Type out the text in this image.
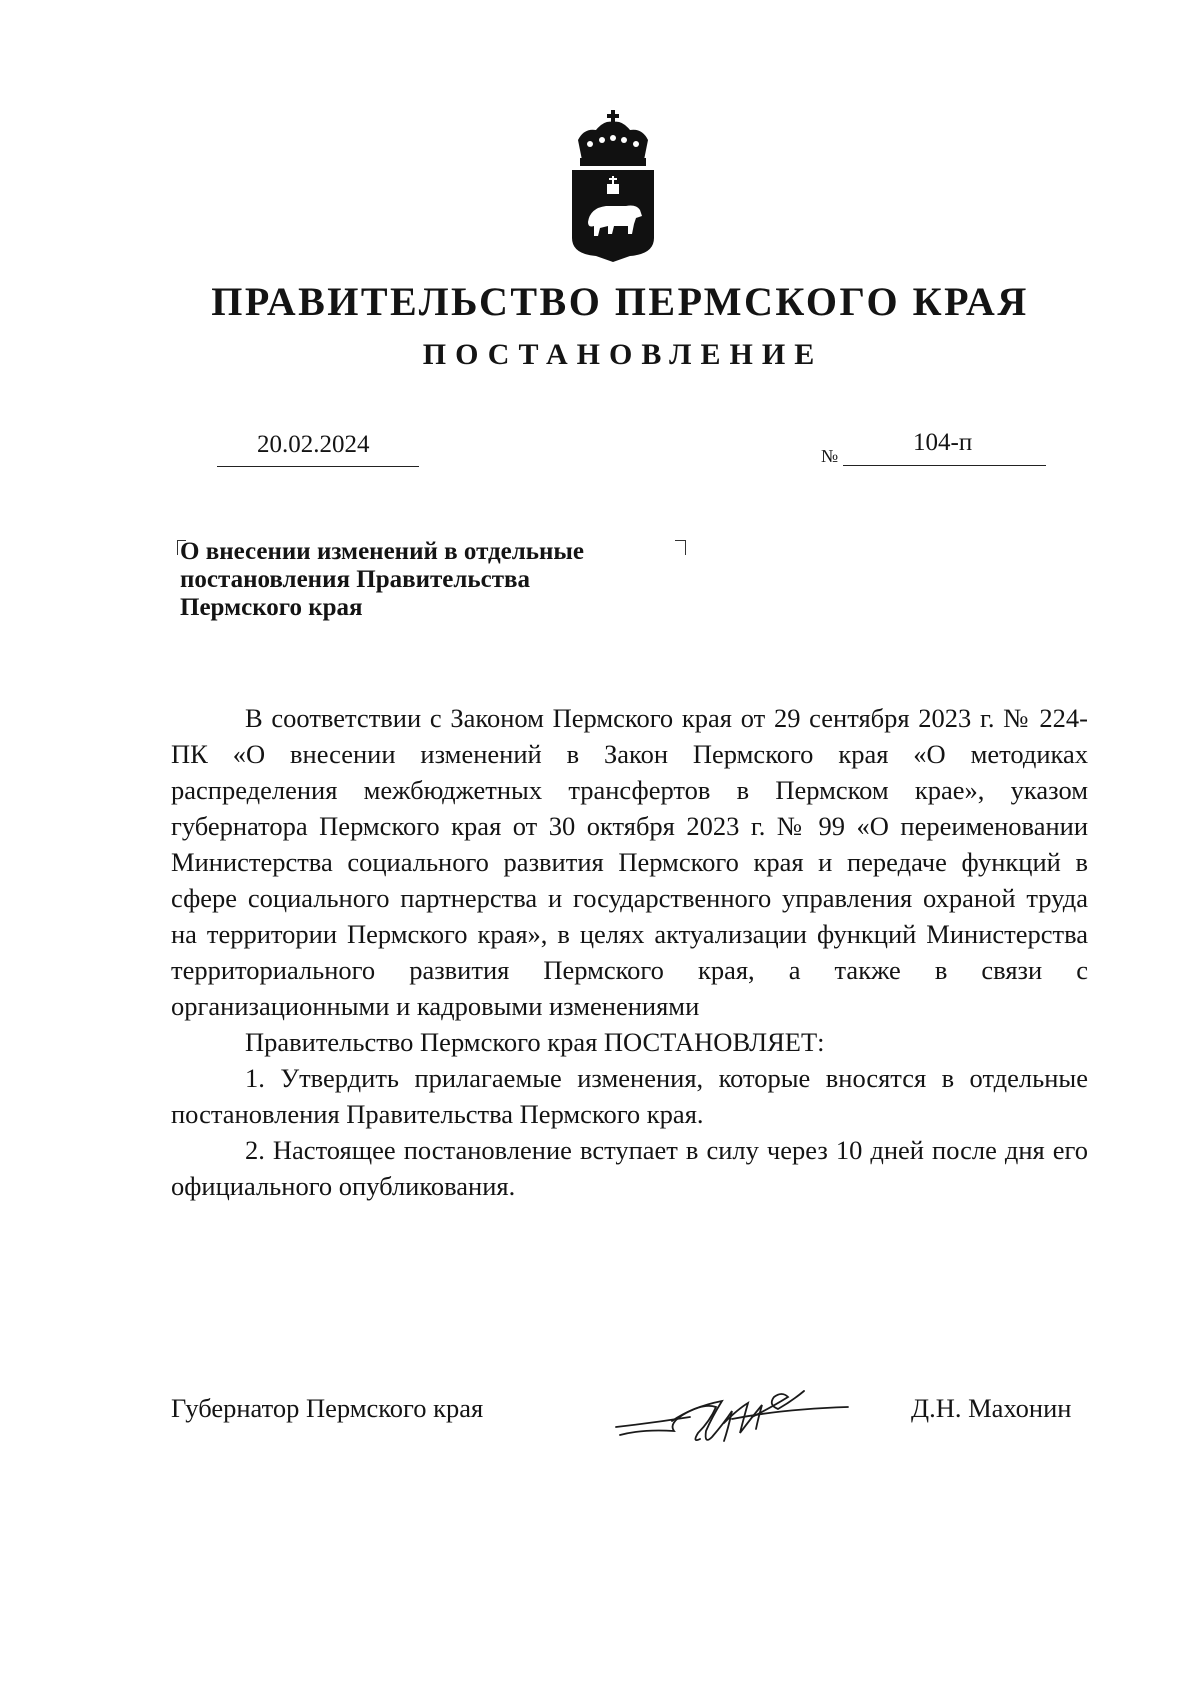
ПРАВИТЕЛЬСТВО ПЕРМСКОГО КРАЯ
ПОСТАНОВЛЕНИЕ
20.02.2024	№	104-п
О внесении изменений в отдельные
постановления Правительства
Пермского края

В соответствии с Законом Пермского края от 29 сентября 2023 г. № 224-ПК «О внесении изменений в Закон Пермского края «О методиках распределения межбюджетных трансфертов в Пермском крае», указом губернатора Пермского края от 30 октября 2023 г. № 99 «О переименовании Министерства социального развития Пермского края и передаче функций в сфере социального партнерства и государственного управления охраной труда на территории Пермского края», в целях актуализации функций Министерства территориального развития Пермского края, а также в связи с организационными и кадровыми изменениями

Правительство Пермского края ПОСТАНОВЛЯЕТ:

1. Утвердить прилагаемые изменения, которые вносятся в отдельные постановления Правительства Пермского края.

2. Настоящее постановление вступает в силу через 10 дней после дня его официального опубликования.

Губернатор Пермского края	Д.Н. Махонин
